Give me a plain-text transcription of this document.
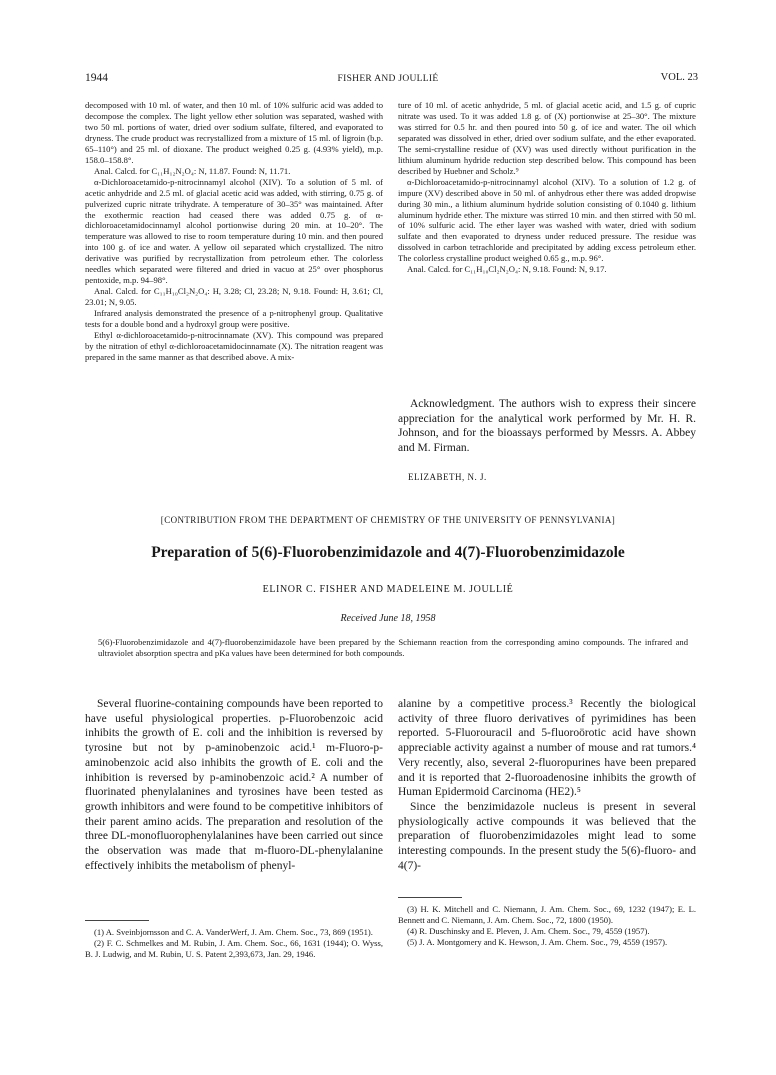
1944	FISHER AND JOULLIÉ	VOL. 23

decomposed with 10 ml. of water, and then 10 ml. of 10% sulfuric acid was added to decompose the complex. The light yellow ether solution was separated, washed with two 50 ml. portions of water, dried over sodium sulfate, filtered, and evaporated to dryness. The crude product was recrystallized from a mixture of 15 ml. of ligroin (b.p. 65–110°) and 25 ml. of dioxane. The product weighed 0.25 g. (4.93% yield), m.p. 158.0–158.8°.

Anal. Calcd. for C₁₁H₁₂N₂O₄: N, 11.87. Found: N, 11.71.

α-Dichloroacetamido-p-nitrocinnamyl alcohol (XIV). To a solution of 5 ml. of acetic anhydride and 2.5 ml. of glacial acetic acid was added, with stirring, 0.75 g. of pulverized cupric nitrate trihydrate. A temperature of 30–35° was maintained. After the exothermic reaction had ceased there was added 0.75 g. of α-dichloroacetamidocinnamyl alcohol portionwise during 20 min. at 10–20°. The temperature was allowed to rise to room temperature during 10 min. and then poured into 100 g. of ice and water. A yellow oil separated which crystallized. The nitro derivative was purified by recrystallization from petroleum ether. The colorless needles which separated were filtered and dried in vacuo at 25° over phosphorus pentoxide, m.p. 94–98°.

Anal. Calcd. for C₁₁H₁₀Cl₂N₂O₄: H, 3.28; Cl, 23.28; N, 9.18. Found: H, 3.61; Cl, 23.01; N, 9.05.

Infrared analysis demonstrated the presence of a p-nitrophenyl group. Qualitative tests for a double bond and a hydroxyl group were positive.

Ethyl α-dichloroacetamido-p-nitrocinnamate (XV). This compound was prepared by the nitration of ethyl α-dichloroacetamidocinnamate (X). The nitration reagent was prepared in the same manner as that described above. A mix-

ture of 10 ml. of acetic anhydride, 5 ml. of glacial acetic acid, and 1.5 g. of cupric nitrate was used. To it was added 1.8 g. of (X) portionwise at 25–30°. The mixture was stirred for 0.5 hr. and then poured into 50 g. of ice and water. The oil which separated was dissolved in ether, dried over sodium sulfate, and the ether evaporated. The semi-crystalline residue of (XV) was used directly without purification in the lithium aluminum hydride reduction step described below. This compound has been described by Huebner and Scholz.⁹

α-Dichloroacetamido-p-nitrocinnamyl alcohol (XIV). To a solution of 1.2 g. of impure (XV) described above in 50 ml. of anhydrous ether there was added dropwise during 30 min., a lithium aluminum hydride solution consisting of 0.1040 g. lithium aluminum hydride ether. The mixture was stirred 10 min. and then stirred with 50 ml. of 10% sulfuric acid. The ether layer was washed with water, dried with sodium sulfate and then evaporated to dryness under reduced pressure. The residue was dissolved in carbon tetrachloride and precipitated by adding excess petroleum ether. The colorless crystalline product weighed 0.65 g., m.p. 96°.

Anal. Calcd. for C₁₁H₁₀Cl₂N₂O₄: N, 9.18. Found: N, 9.17.

Acknowledgment. The authors wish to express their sincere appreciation for the analytical work performed by Mr. H. R. Johnson, and for the bioassays performed by Messrs. A. Abbey and M. Firman.

ELIZABETH, N. J.
[CONTRIBUTION FROM THE DEPARTMENT OF CHEMISTRY OF THE UNIVERSITY OF PENNSYLVANIA]
Preparation of 5(6)-Fluorobenzimidazole and 4(7)-Fluorobenzimidazole
ELINOR C. FISHER AND MADELEINE M. JOULLIÉ
Received June 18, 1958
5(6)-Fluorobenzimidazole and 4(7)-fluorobenzimidazole have been prepared by the Schiemann reaction from the corresponding amino compounds. The infrared and ultraviolet absorption spectra and pKa values have been determined for both compounds.

Several fluorine-containing compounds have been reported to have useful physiological properties. p-Fluorobenzoic acid inhibits the growth of E. coli and the inhibition is reversed by tyrosine but not by p-aminobenzoic acid.¹ m-Fluoro-p-aminobenzoic acid also inhibits the growth of E. coli and the inhibition is reversed by p-aminobenzoic acid.² A number of fluorinated phenylalanines and tyrosines have been tested as growth inhibitors and were found to be competitive inhibitors of their parent amino acids. The preparation and resolution of the three DL-monofluorophenylalanines have been carried out since the observation was made that m-fluoro-DL-phenylalanine effectively inhibits the metabolism of phenyl-

alanine by a competitive process.³ Recently the biological activity of three fluoro derivatives of pyrimidines has been reported. 5-Fluorouracil and 5-fluoroörotic acid have shown appreciable activity against a number of mouse and rat tumors.⁴ Very recently, also, several 2-fluoropurines have been prepared and it is reported that 2-fluoroadenosine inhibits the growth of Human Epidermoid Carcinoma (HE2).⁵

Since the benzimidazole nucleus is present in several physiologically active compounds it was believed that the preparation of fluorobenzimidazoles might lead to some interesting compounds. In the present study the 5(6)-fluoro- and 4(7)-

(1) A. Sveinbjornsson and C. A. VanderWerf, J. Am. Chem. Soc., 73, 869 (1951).

(2) F. C. Schmelkes and M. Rubin, J. Am. Chem. Soc., 66, 1631 (1944); O. Wyss, B. J. Ludwig, and M. Rubin, U. S. Patent 2,393,673, Jan. 29, 1946.

(3) H. K. Mitchell and C. Niemann, J. Am. Chem. Soc., 69, 1232 (1947); E. L. Bennett and C. Niemann, J. Am. Chem. Soc., 72, 1800 (1950).

(4) R. Duschinsky and E. Pleven, J. Am. Chem. Soc., 79, 4559 (1957).

(5) J. A. Montgomery and K. Hewson, J. Am. Chem. Soc., 79, 4559 (1957).
